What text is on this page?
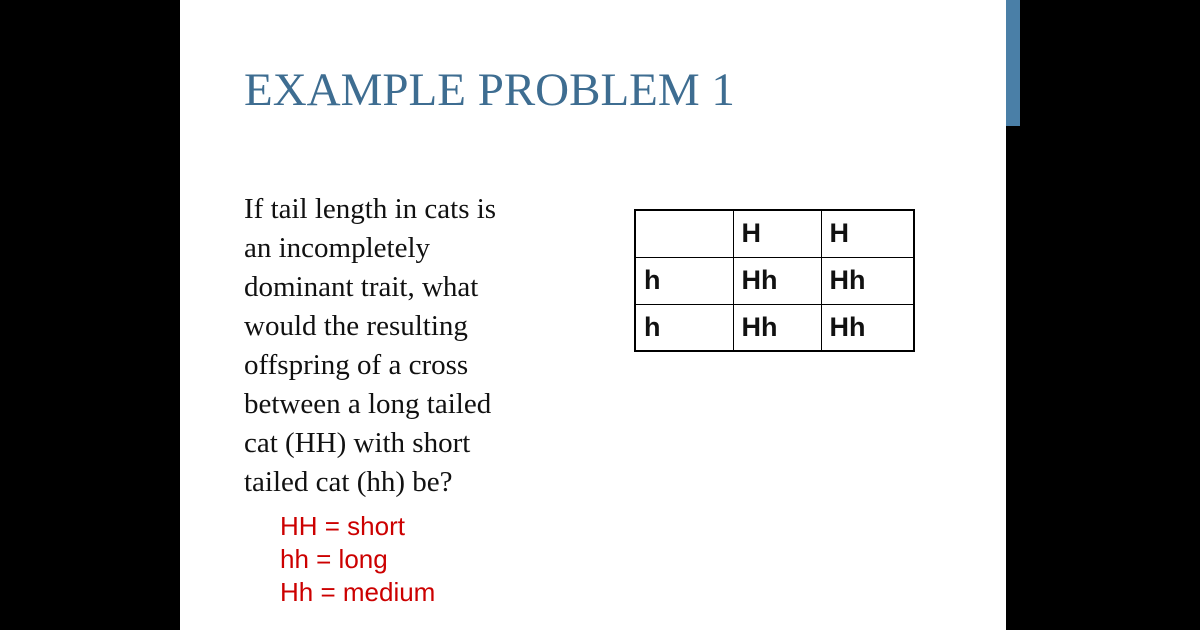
EXAMPLE PROBLEM 1
If tail length in cats is
an incompletely
dominant trait, what
would the resulting
offspring of a cross
between a long tailed
cat (HH) with short
tailed cat (hh) be?
HH = short
hh = long
Hh = medium
	H	H
h	Hh	Hh
h	Hh	Hh
